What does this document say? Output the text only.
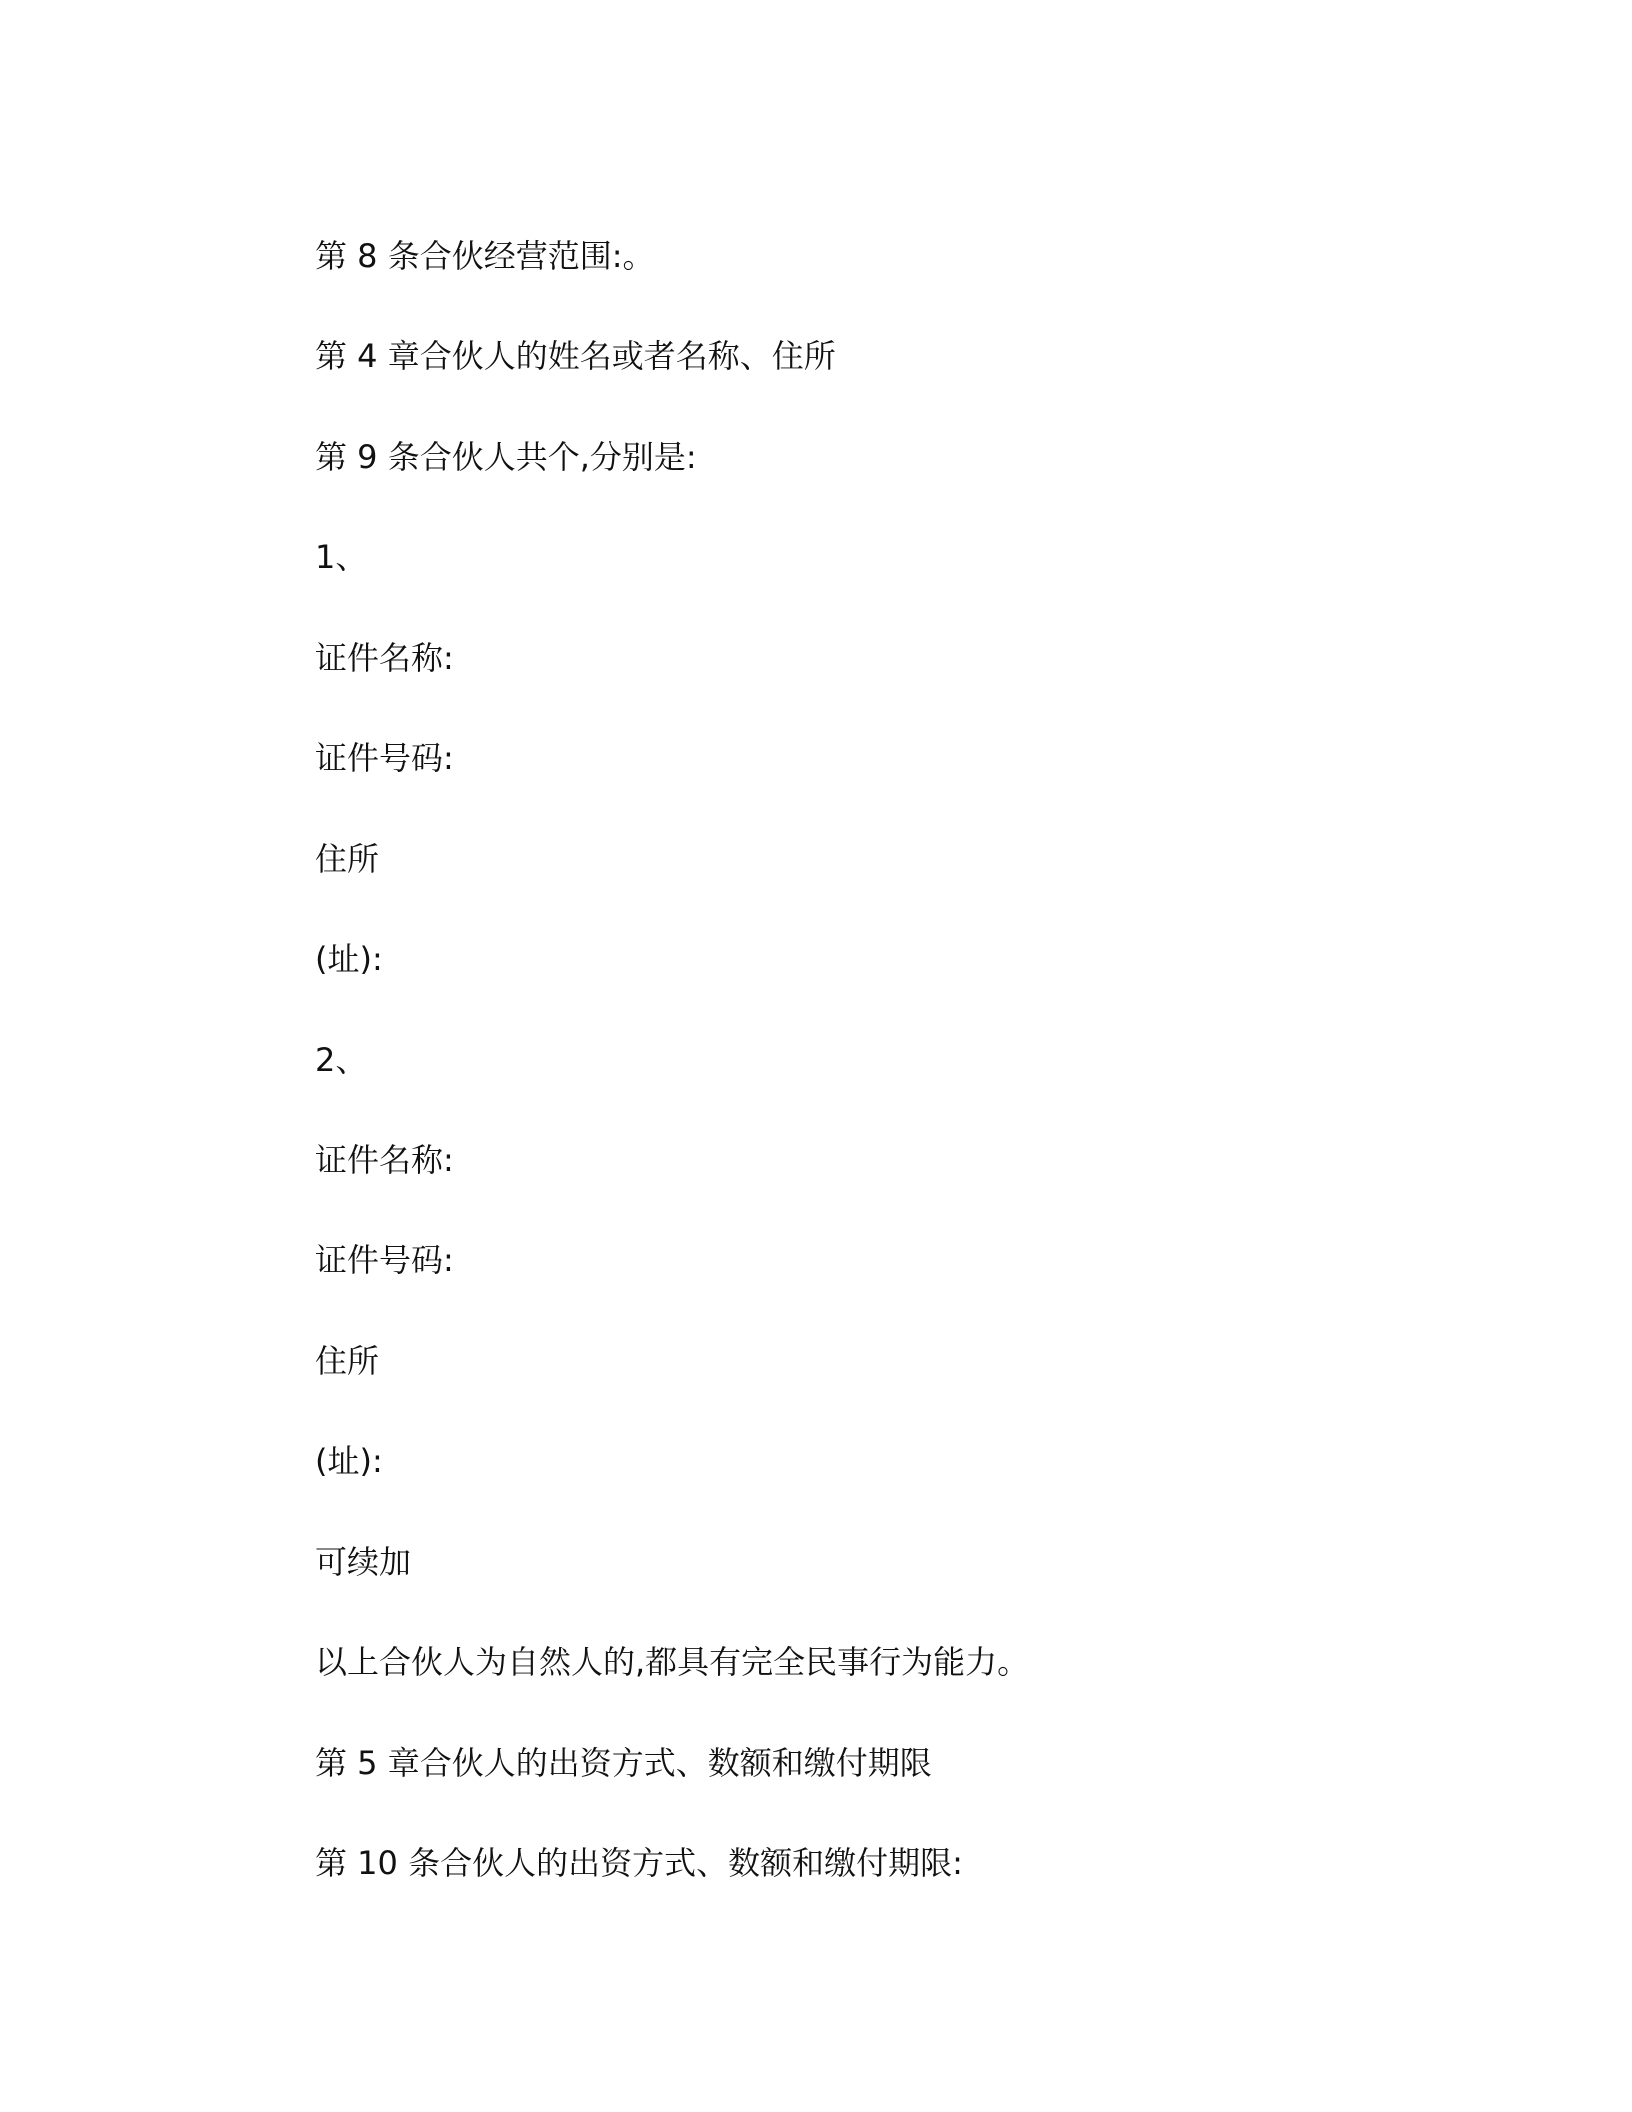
第 8 条合伙经营范围:。
第 4 章合伙人的姓名或者名称、住所
第 9 条合伙人共个,分别是:
1、
证件名称:
证件号码:
住所
(址):
2、
证件名称:
证件号码:
住所
(址):
可续加
以上合伙人为自然人的,都具有完全民事行为能力。
第 5 章合伙人的出资方式、数额和缴付期限
第 10 条合伙人的出资方式、数额和缴付期限:
